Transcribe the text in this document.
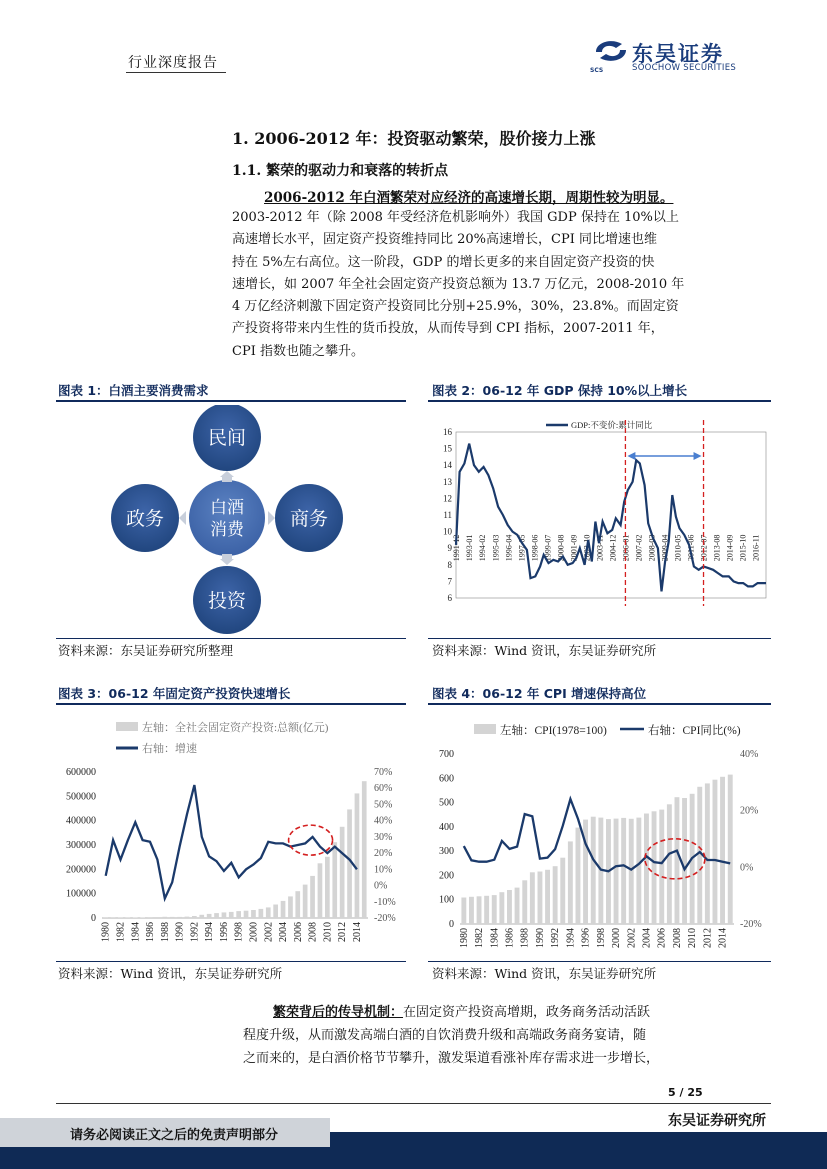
行业深度报告	SCS
东吴证券
SOOCHOW SECURITIES
1. 2006-2012 年：投资驱动繁荣，股价接力上涨
1.1. 繁荣的驱动力和衰落的转折点
2006-2012 年白酒繁荣对应经济的高速增长期，周期性较为明显。
2003-2012 年（除 2008 年受经济危机影响外）我国 GDP 保持在 10%以上
高速增长水平，固定资产投资维持同比 20%高速增长，CPI 同比增速也维
持在 5%左右高位。这一阶段，GDP 的增长更多的来自固定资产投资的快
速增长，如 2007 年全社会固定资产投资总额为 13.7 万亿元，2008-2010 年
4 万亿经济刺激下固定资产投资同比分别+25.9%，30%，23.8%。而固定资
产投资将带来内生性的货币投放，从而传导到 CPI 指标，2007-2011 年，
CPI 指数也随之攀升。
图表 1：白酒主要消费需求
民间
政务	商务
投资
白酒
消费
资料来源：东吴证券研究所整理
图表 2：06-12 年 GDP 保持 10%以上增长
6
7
8
9
10
11
12
13
14
15
16
1991-12 1993-01 1994-02 1995-03 1996-04 1997-05 1998-06 1999-07 2000-08 2001-09 2002-10 2003-11 2004-12 2006-01 2007-02 2008-03 2009-04 2010-05 2011-06 2012-07 2013-08 2014-09 2015-10 2016-11
GDP:不变价:累计同比
资料来源：Wind 资讯，东吴证券研究所
图表 3：06-12 年固定资产投资快速增长
0
100000
200000
300000
400000
500000
600000	70%
60%
50%
40%
30%
20%
10%
0%
-10%
-20%
1980 1982 1984 1986 1988 1990 1992 1994 1996 1998 2000 2002 2004 2006 2008 2010 2012 2014
左轴：全社会固定资产投资:总额(亿元)
右轴：增速
资料来源：Wind 资讯，东吴证券研究所
图表 4：06-12 年 CPI 增速保持高位
0
100
200
300
400
500
600
700	40%
20%
0%
-20%
1980 1982 1984 1986 1988 1990 1992 1994 1996 1998 2000 2002 2004 2006 2008 2010 2012 2014
左轴：CPI(1978=100)	右轴：CPI同比(%)
资料来源：Wind 资讯，东吴证券研究所
繁荣背后的传导机制：在固定资产投资高增期，政务商务活动活跃
程度升级，从而激发高端白酒的自饮消费升级和高端政务商务宴请，随
之而来的，是白酒价格节节攀升，激发渠道看涨补库存需求进一步增长，
5 / 25
东吴证券研究所
请务必阅读正文之后的免责声明部分
